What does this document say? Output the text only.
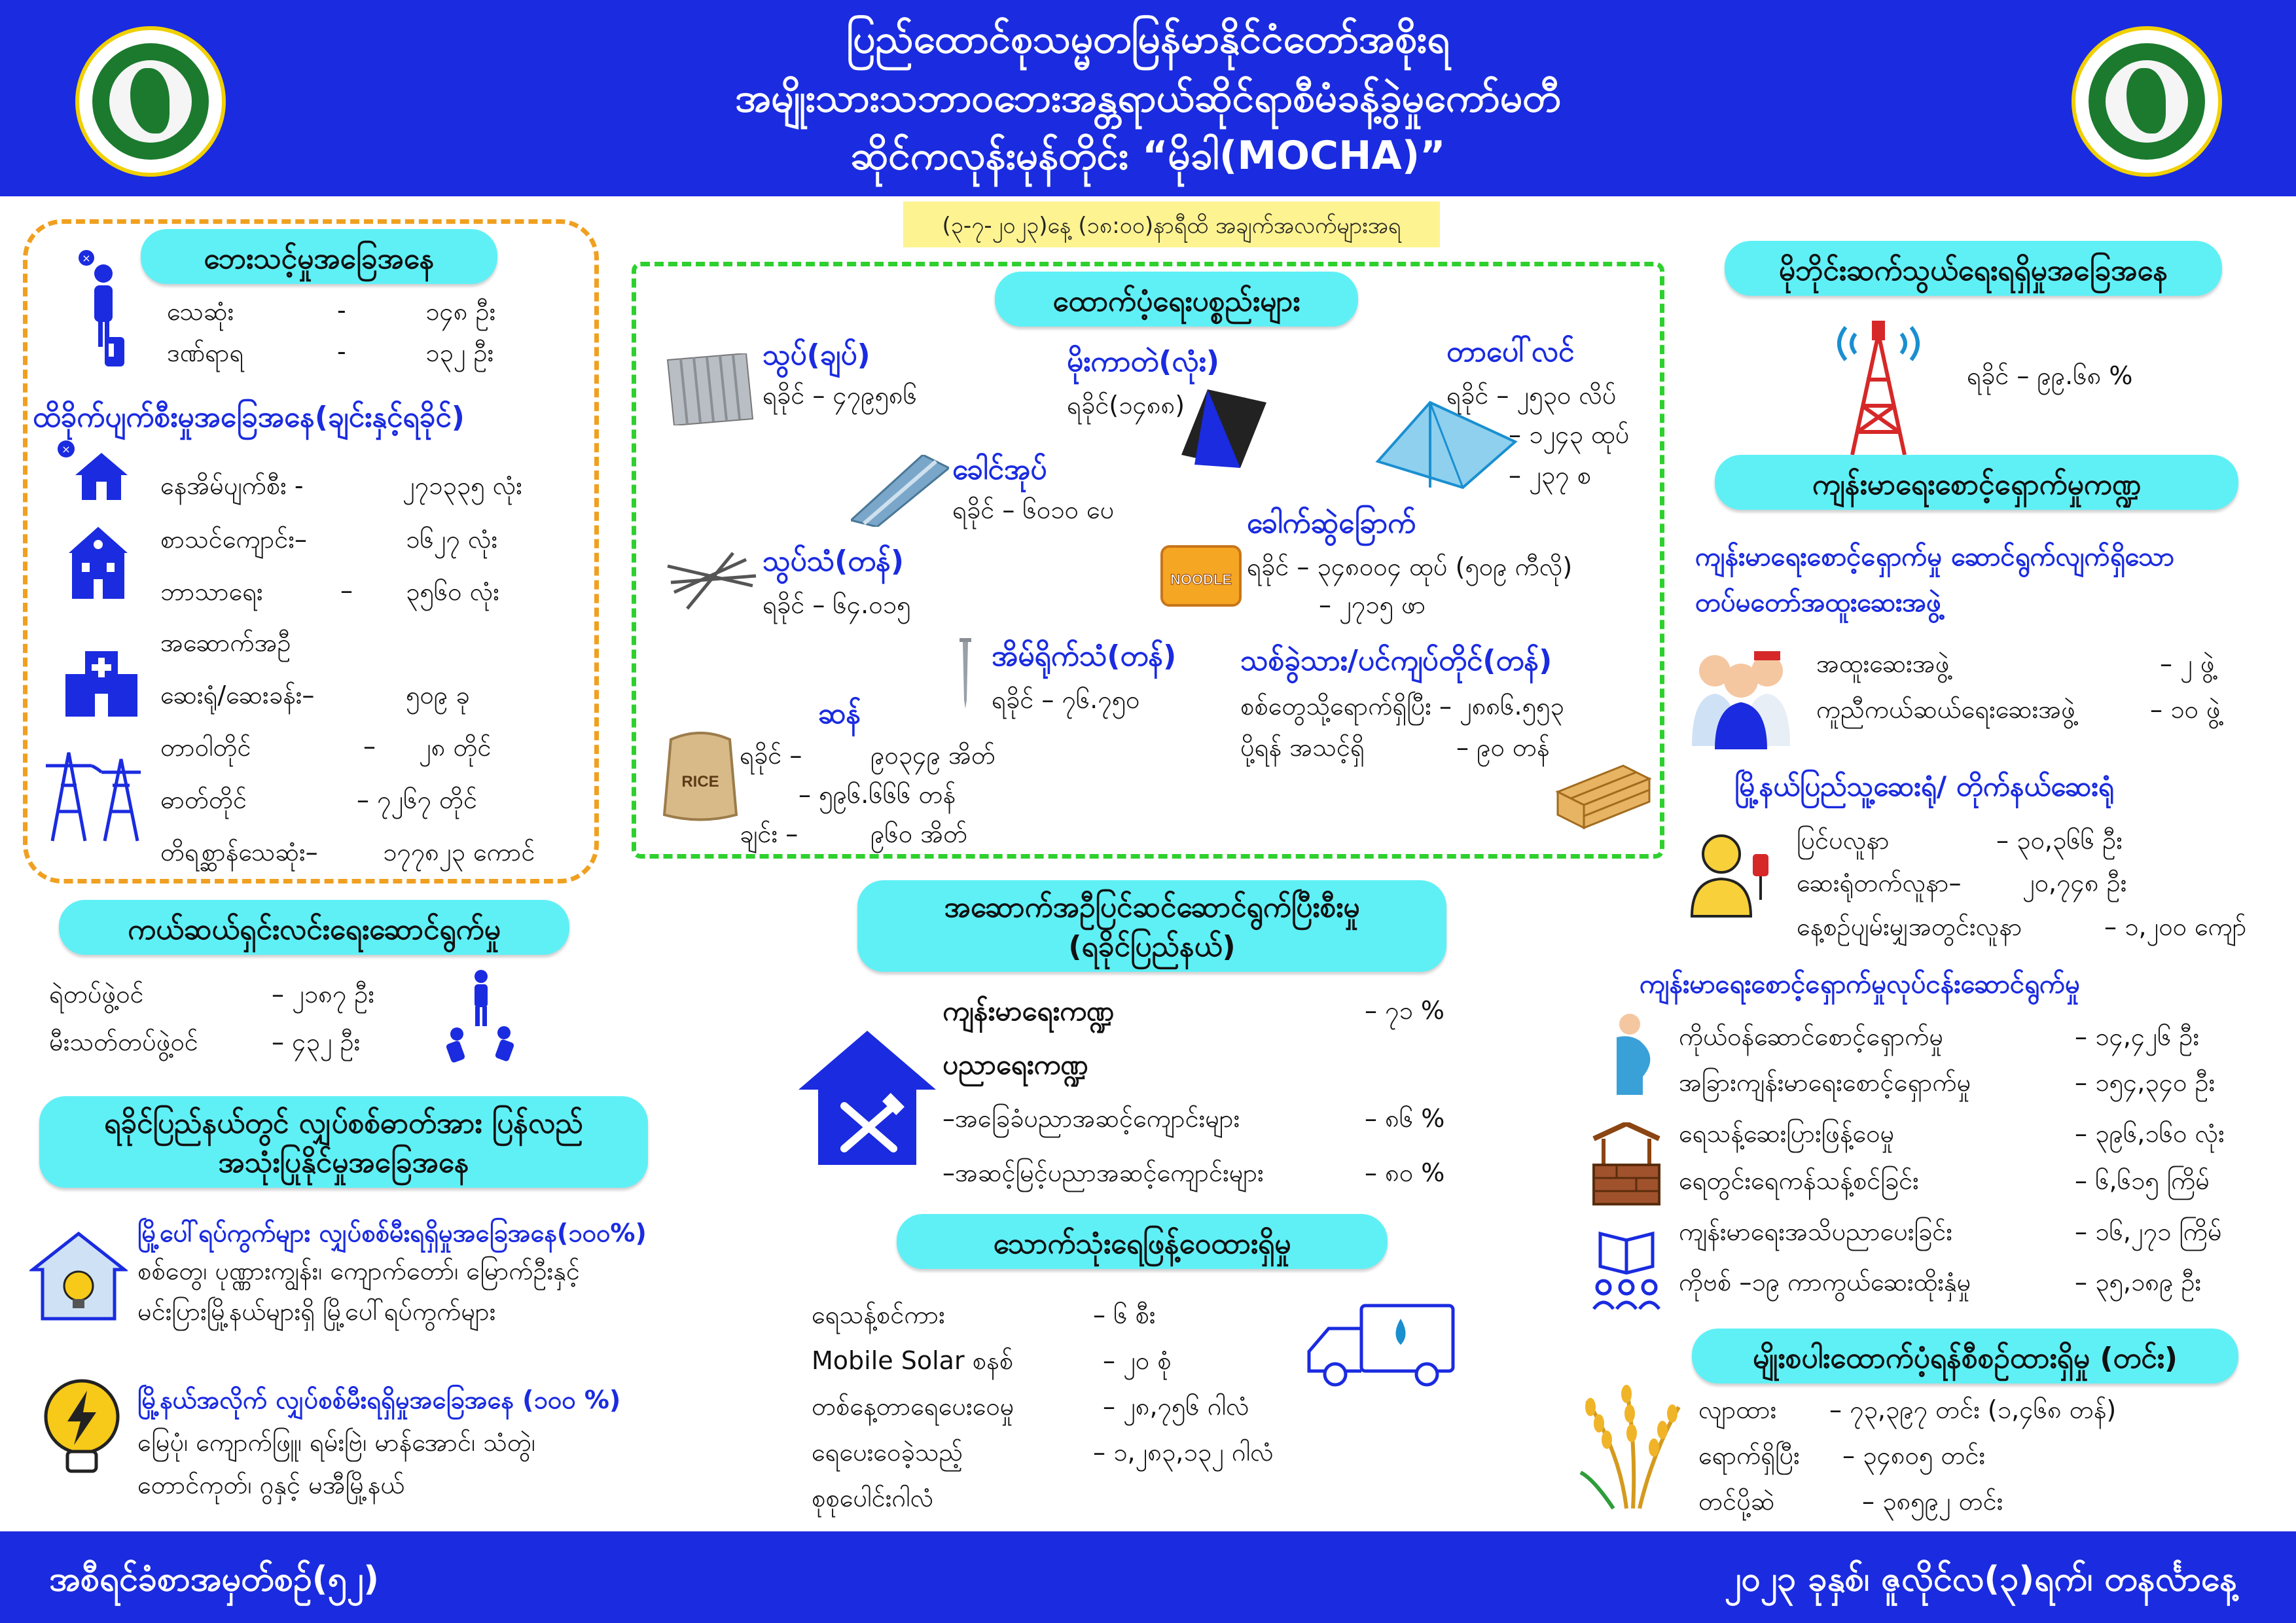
ပြည်ထောင်စုသမ္မတမြန်မာနိုင်ငံတော်အစိုးရ
အမျိုးသားသဘာဝဘေးအန္တရာယ်ဆိုင်ရာစီမံခန့်ခွဲမှုကော်မတီ
ဆိုင်ကလုန်းမုန်တိုင်း “မိုခါ(MOCHA)”
(၃-၇-၂၀၂၃)နေ့ (၁၈:၀၀)နာရီထိ အချက်အလက်များအရ
ဘေးသင့်မှုအခြေအနေ
×
သေဆုံး	-	၁၄၈ ဦး
ဒဏ်ရာရ	-	၁၃၂ ဦး
ထိခိုက်ပျက်စီးမှုအခြေအနေ(ချင်းနှင့်ရခိုင်)
×
နေအိမ်ပျက်စီး -	၂၇၁၃၃၅ လုံး
စာသင်ကျောင်း–	၁၆၂၇ လုံး
ဘာသာရေး	– ၃၅၆၀ လုံး
အဆောက်အဦ
ဆေးရုံ/ဆေးခန်း–	၅၀၉ ခု
တာဝါတိုင်	– ၂၈ တိုင်
ဓာတ်တိုင်	– ၇၂၆၇ တိုင်
တိရစ္ဆာန်သေဆုံး–	၁၇၇၈၂၃ ကောင်
ကယ်ဆယ်ရှင်းလင်းရေးဆောင်ရွက်မှု
ရဲတပ်ဖွဲ့ဝင်	– ၂၁၈၇ ဦး
မီးသတ်တပ်ဖွဲ့ဝင်	– ၄၃၂ ဦး
ရခိုင်ပြည်နယ်တွင် လျှပ်စစ်ဓာတ်အား ပြန်လည်
အသုံးပြုနိုင်မှုအခြေအနေ
မြို့ပေါ်ရပ်ကွက်များ လျှပ်စစ်မီးရရှိမှုအခြေအနေ(၁၀၀%)
စစ်တွေ၊ ပုဏ္ဏားကျွန်း၊ ကျောက်တော်၊ မြောက်ဦးနှင့်
မင်းပြားမြို့နယ်များရှိ မြို့ပေါ်ရပ်ကွက်များ
မြို့နယ်အလိုက် လျှပ်စစ်မီးရရှိမှုအခြေအနေ (၁၀၀ %)
မြေပုံ၊ ကျောက်ဖြူ၊ ရမ်းဗြဲ၊ မာန်အောင်၊ သံတွဲ၊
တောင်ကုတ်၊ ဂွနှင့် မအီမြို့နယ်
ထောက်ပံ့ရေးပစ္စည်းများ
သွပ်(ချပ်)
ရခိုင် – ၄၇၉၅၈၆
မိုးကာတဲ(လုံး)
ရခိုင်(၁၄၈၈)
တာပေါ်လင်
ရခိုင် – ၂၅၃၀ လိပ်
– ၁၂၄၃ ထုပ်
– ၂၃၇ စ
ခေါင်အုပ်
ရခိုင် – ၆၀၁၀ ပေ	ခေါက်ဆွဲခြောက်
ရခိုင် – ၃၄၈၀၀၄ ထုပ် (၅၀၉ ကီလို)
– ၂၇၁၅ ဖာ
NOODLE
သွပ်သံ(တန်)
ရခိုင် – ၆၄.၀၁၅
အိမ်ရိုက်သံ(တန်)
ရခိုင် – ၇၆.၇၅၀
သစ်ခွဲသား/ပင်ကျပ်တိုင်(တန်)
စစ်တွေသို့ရောက်ရှိပြီး – ၂၈၈၆.၅၅၃
ပို့ရန် အသင့်ရှိ	– ၉၀ တန်
RICE
ဆန်
ရခိုင် –	၉၀၃၄၉ အိတ်
– ၅၉၆.၆၆၆ တန်
ချင်း –	၉၆၀ အိတ်
အဆောက်အဦပြင်ဆင်ဆောင်ရွက်ပြီးစီးမှု
(ရခိုင်ပြည်နယ်)
ကျန်းမာရေးကဏ္ဍ	– ၇၁ %
ပညာရေးကဏ္ဍ
–အခြေခံပညာအဆင့်ကျောင်းများ	– ၈၆ %
–အဆင့်မြင့်ပညာအဆင့်ကျောင်းများ	– ၈၀ %
သောက်သုံးရေဖြန့်ဝေထားရှိမှု
ရေသန့်စင်ကား	– ၆ စီး
Mobile Solar စနစ်	– ၂၀ စုံ
တစ်နေ့တာရေပေးဝေမှု	– ၂၈,၇၅၆ ဂါလံ
ရေပေးဝေခဲ့သည့်	– ၁,၂၈၃,၁၃၂ ဂါလံ
စုစုပေါင်းဂါလံ
မိုဘိုင်းဆက်သွယ်ရေးရရှိမှုအခြေအနေ
ရခိုင် – ၉၉.၆၈ %
ကျန်းမာရေးစောင့်ရှောက်မှုကဏ္ဍ
ကျန်းမာရေးစောင့်ရှောက်မှု ဆောင်ရွက်လျက်ရှိသော
တပ်မတော်အထူးဆေးအဖွဲ့
အထူးဆေးအဖွဲ့	– ၂ ဖွဲ့
ကူညီကယ်ဆယ်ရေးဆေးအဖွဲ့	– ၁၀ ဖွဲ့
မြို့နယ်ပြည်သူ့ဆေးရုံ/ တိုက်နယ်ဆေးရုံ
ပြင်ပလူနာ	– ၃၀,၃၆၆ ဦး
ဆေးရုံတက်လူနာ– ၂၀,၇၄၈ ဦး
နေ့စဉ်ပျမ်းမျှအတွင်းလူနာ	– ၁,၂၀၀ ကျော်
ကျန်းမာရေးစောင့်ရှောက်မှုလုပ်ငန်းဆောင်ရွက်မှု
ကိုယ်ဝန်ဆောင်စောင့်ရှောက်မှု	– ၁၄,၄၂၆ ဦး
အခြားကျန်းမာရေးစောင့်ရှောက်မှု	– ၁၅၄,၃၄၀ ဦး
ရေသန့်ဆေးပြားဖြန့်ဝေမှု	– ၃၉၆,၁၆၀ လုံး
ရေတွင်းရေကန်သန့်စင်ခြင်း	– ၆,၆၁၅ ကြိမ်
ကျန်းမာရေးအသိပညာပေးခြင်း	– ၁၆,၂၇၁ ကြိမ်
ကိုဗစ် –၁၉ ကာကွယ်ဆေးထိုးနှံမှု	– ၃၅,၁၈၉ ဦး
မျိုးစပါးထောက်ပံ့ရန်စီစဉ်ထားရှိမှု (တင်း)
လျာထား – ၇၃,၃၉၇ တင်း (၁,၄၆၈ တန်)
ရောက်ရှိပြီး – ၃၄၈၀၅ တင်း
တင်ပို့ဆဲ	– ၃၈၅၉၂ တင်း
အစီရင်ခံစာအမှတ်စဉ်(၅၂)	၂၀၂၃ ခုနှစ်၊ ဇူလိုင်လ(၃)ရက်၊ တနင်္လာနေ့
